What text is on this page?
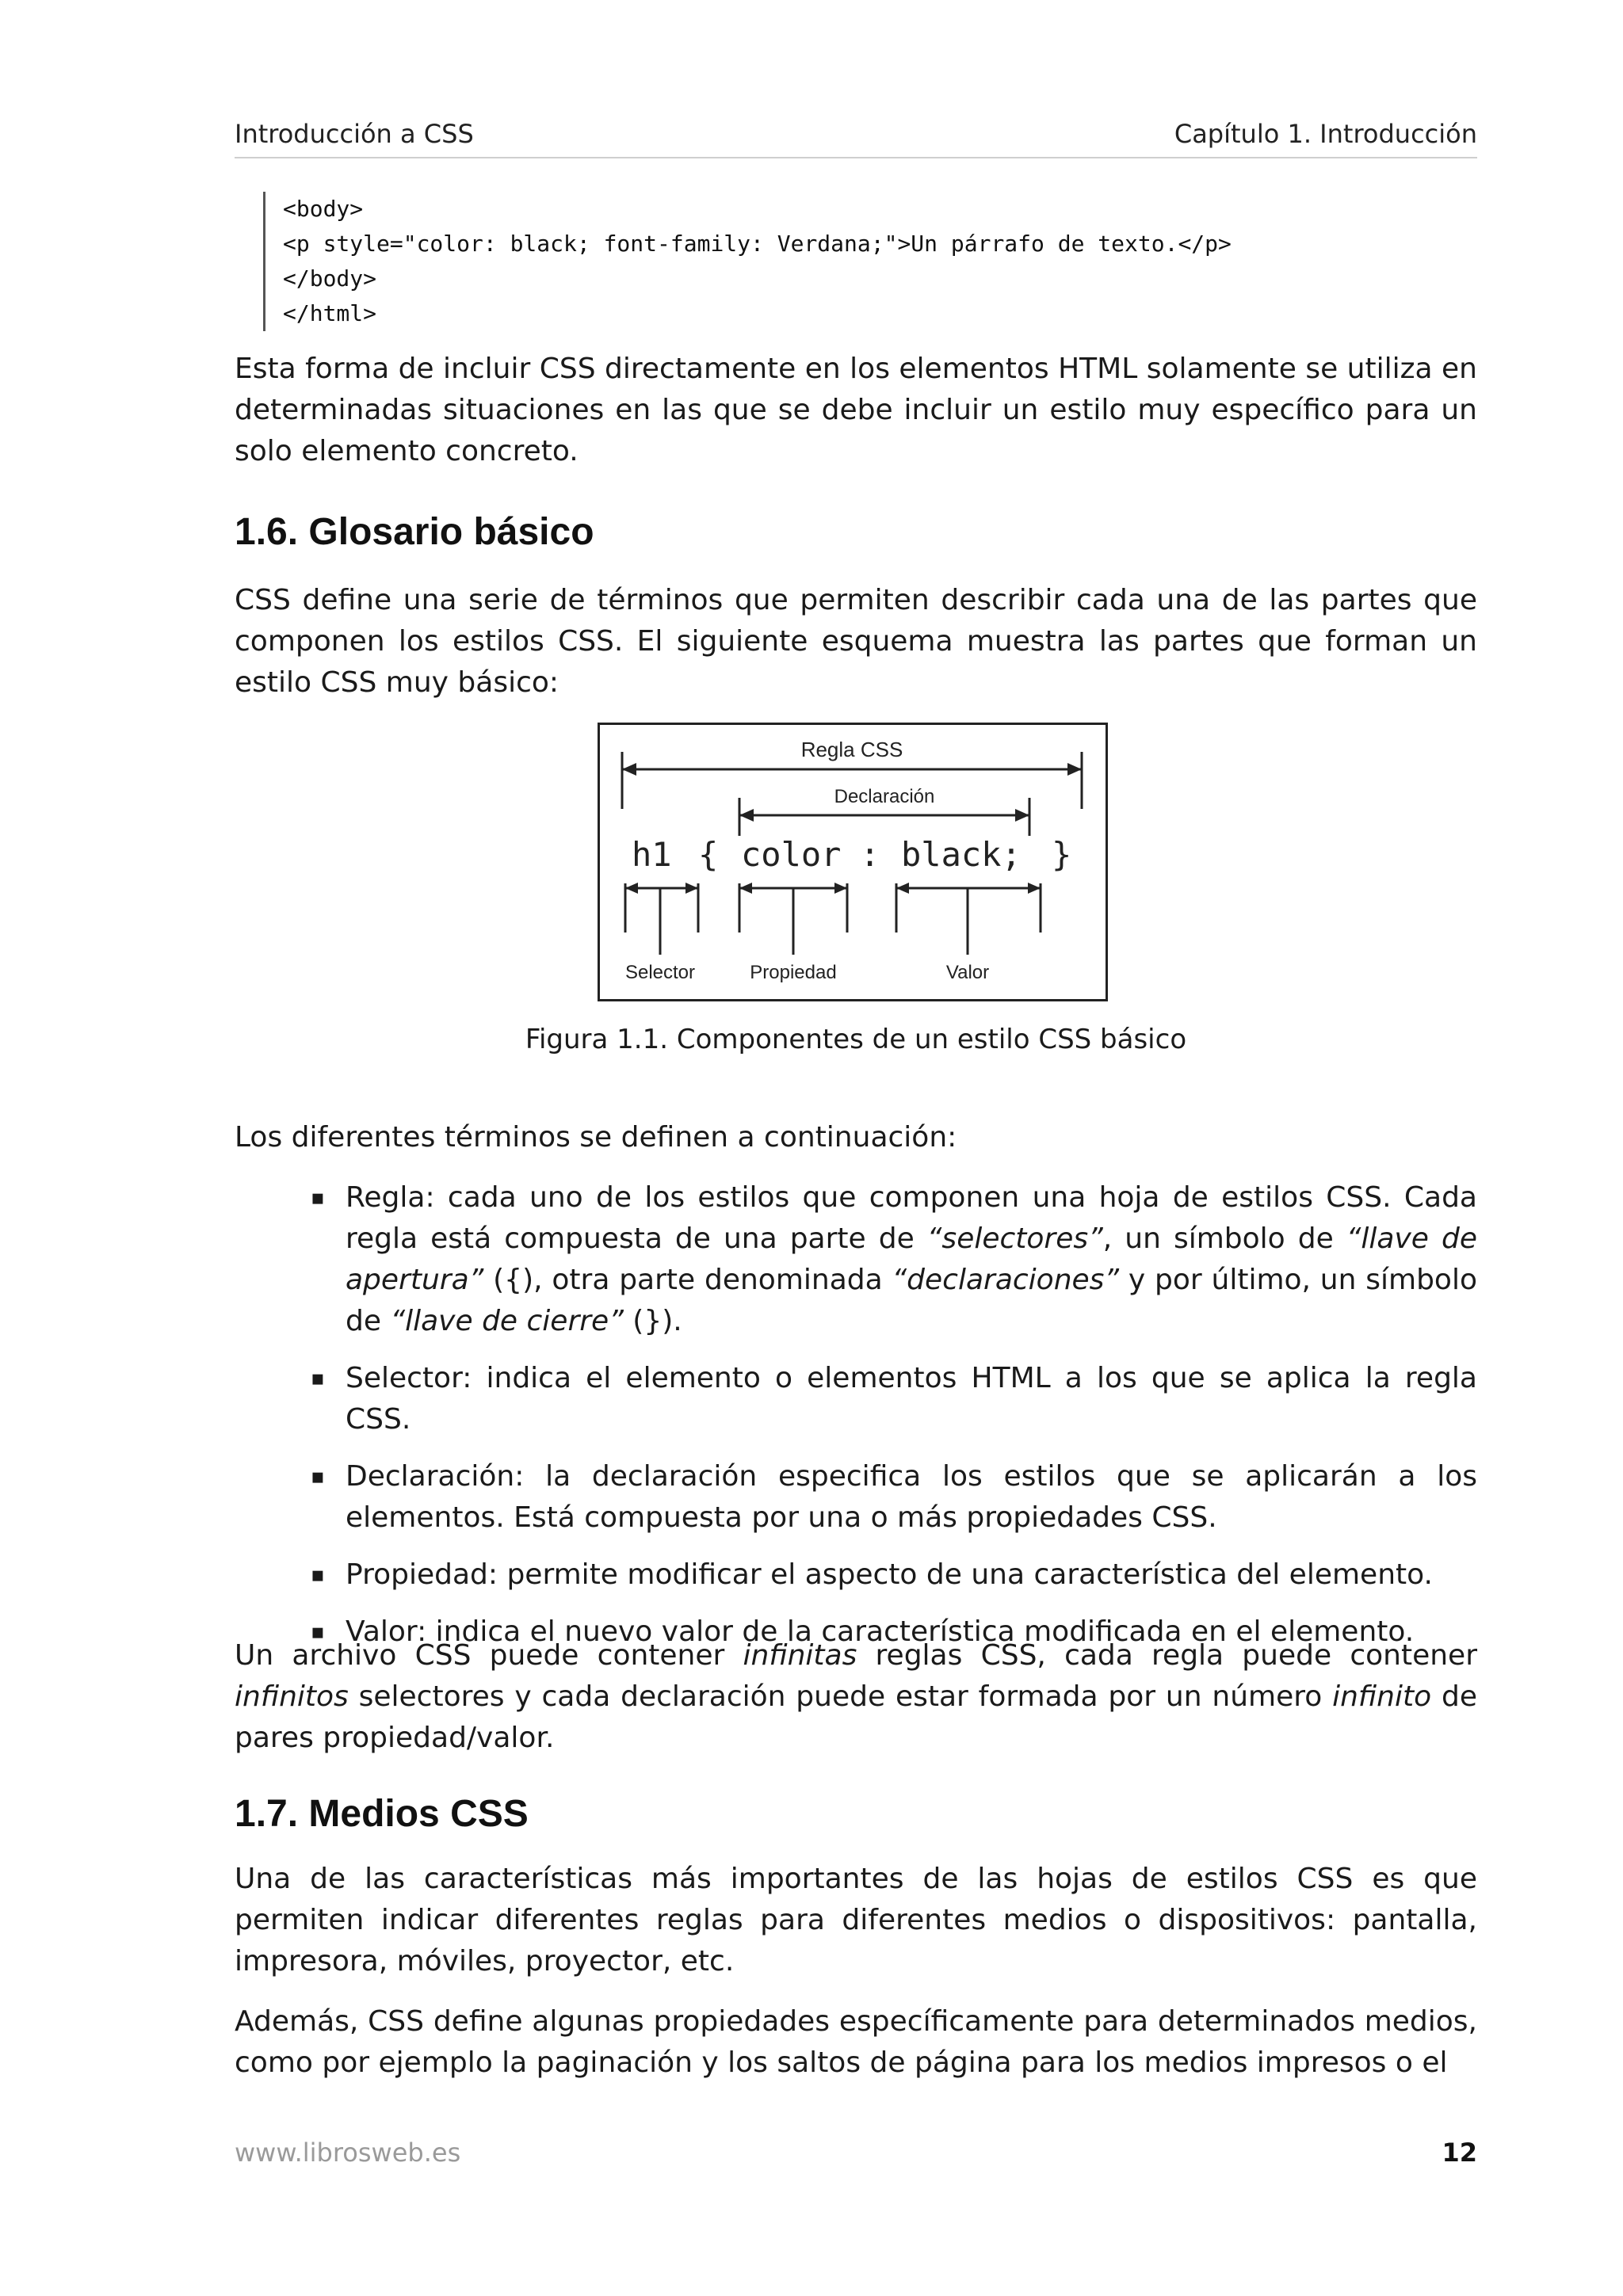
Introducción a CSS	Capítulo 1. Introducción
<body>
<p style="color: black; font-family: Verdana;">Un párrafo de texto.</p>
</body>
</html>

Esta forma de incluir CSS directamente en los elementos HTML solamente se utiliza en determinadas situaciones en las que se debe incluir un estilo muy específico para un solo elemento concreto.

1.6. Glosario básico

CSS define una serie de términos que permiten describir cada una de las partes que componen los estilos CSS. El siguiente esquema muestra las partes que forman un estilo CSS muy básico:

Regla CSS
Declaración
h1 { color : black; }
Selector	Propiedad	Valor
Figura 1.1. Componentes de un estilo CSS básico

Los diferentes términos se definen a continuación:

▪ Regla: cada uno de los estilos que componen una hoja de estilos CSS. Cada regla está compuesta de una parte de “selectores”, un símbolo de “llave de apertura” ({), otra parte denominada “declaraciones” y por último, un símbolo de “llave de cierre” (}).
▪ Selector: indica el elemento o elementos HTML a los que se aplica la regla CSS.
▪ Declaración: la declaración especifica los estilos que se aplicarán a los elementos. Está compuesta por una o más propiedades CSS.
▪ Propiedad: permite modificar el aspecto de una característica del elemento.
▪ Valor: indica el nuevo valor de la característica modificada en el elemento.

Un archivo CSS puede contener infinitas reglas CSS, cada regla puede contener infinitos selectores y cada declaración puede estar formada por un número infinito de pares propiedad/valor.

1.7. Medios CSS

Una de las características más importantes de las hojas de estilos CSS es que permiten indicar diferentes reglas para diferentes medios o dispositivos: pantalla, impresora, móviles, proyector, etc.

Además, CSS define algunas propiedades específicamente para determinados medios, como por ejemplo la paginación y los saltos de página para los medios impresos o el

www.librosweb.es	12
